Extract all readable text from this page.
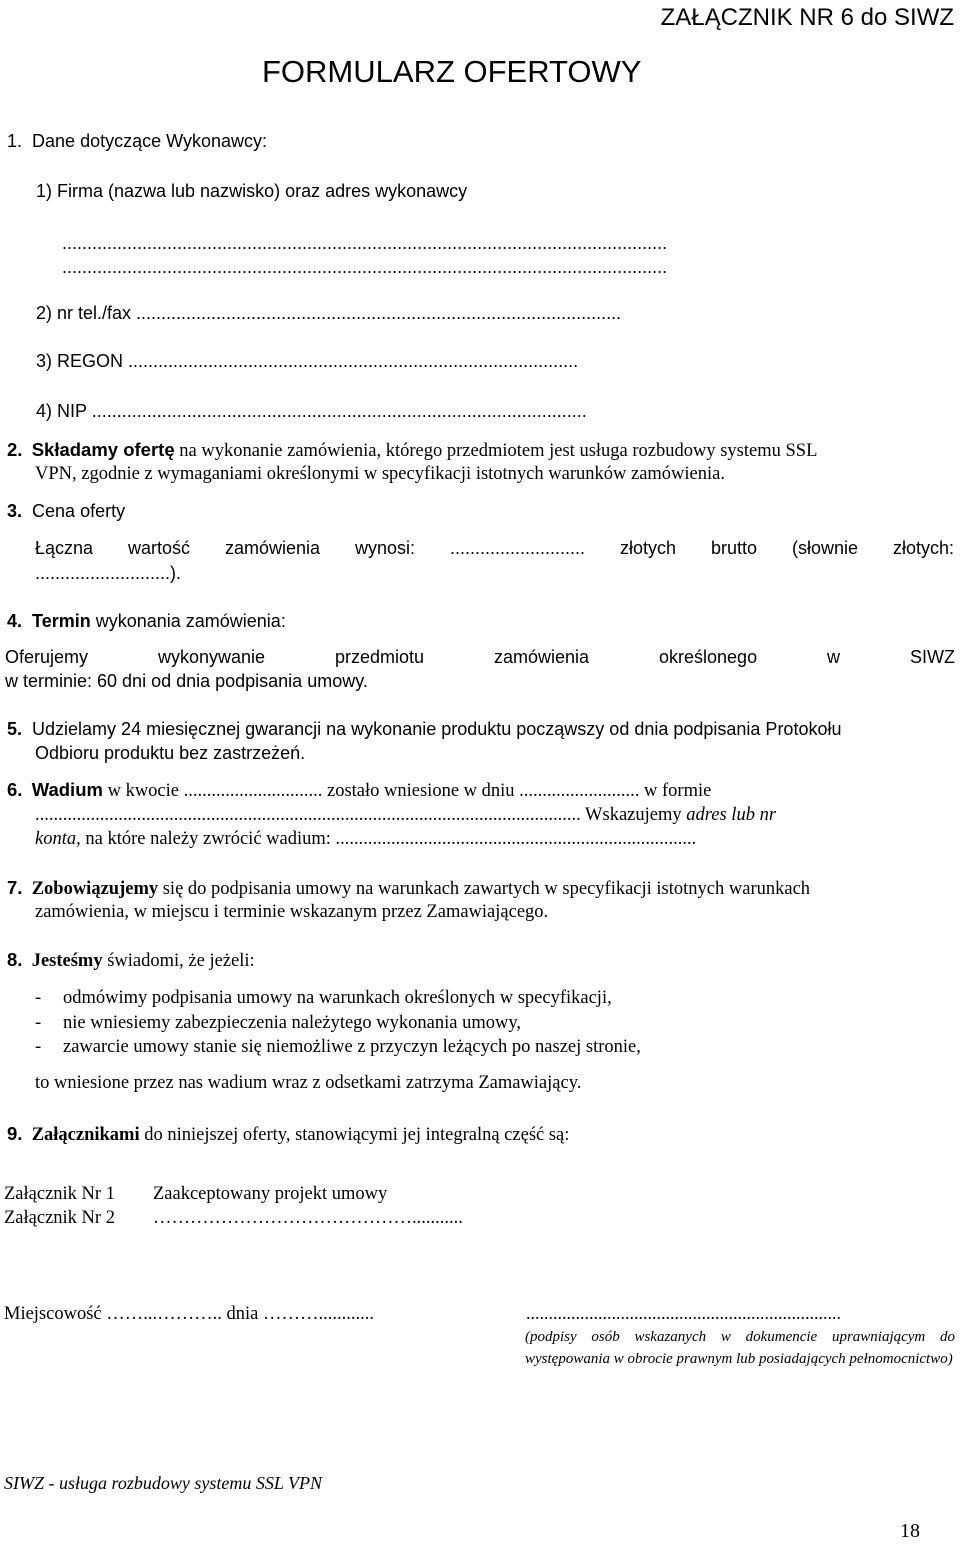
ZAŁĄCZNIK NR 6 do SIWZ
FORMULARZ OFERTOWY
1. Dane dotyczące Wykonawcy:
1) Firma (nazwa lub nazwisko) oraz adres wykonawcy
.........................................................................................................................
.........................................................................................................................
2) nr tel./fax .................................................................................................
3) REGON ..........................................................................................
4) NIP ...................................................................................................
2. Składamy ofertę na wykonanie zamówienia, którego przedmiotem jest usługa rozbudowy systemu SSL
VPN, zgodnie z wymaganiami określonymi w specyfikacji istotnych warunków zamówienia.
3. Cena oferty
Łączna wartość zamówienia wynosi: ........................... złotych brutto (słownie złotych:
...........................).
4. Termin wykonania zamówienia:
Oferujemy wykonywanie przedmiotu zamówienia określonego w SIWZ
w terminie: 60 dni od dnia podpisania umowy.
5. Udzielamy 24 miesięcznej gwarancji na wykonanie produktu począwszy od dnia podpisania Protokołu
Odbioru produktu bez zastrzeżeń.
6. Wadium w kwocie .............................. zostało wniesione w dniu .......................... w formie
...................................................................................................................... Wskazujemy adres lub nr
konta, na które należy zwrócić wadium: ..............................................................................
7. Zobowiązujemy się do podpisania umowy na warunkach zawartych w specyfikacji istotnych warunkach
zamówienia, w miejscu i terminie wskazanym przez Zamawiającego.
8. Jesteśmy świadomi, że jeżeli:
- odmówimy podpisania umowy na warunkach określonych w specyfikacji,
- nie wniesiemy zabezpieczenia należytego wykonania umowy,
- zawarcie umowy stanie się niemożliwe z przyczyn leżących po naszej stronie,
to wniesione przez nas wadium wraz z odsetkami zatrzyma Zamawiający.
9. Załącznikami do niniejszej oferty, stanowiącymi jej integralną część są:
Załącznik Nr 1 Zaakceptowany projekt umowy
Załącznik Nr 2 ……………………………………...........
Miejscowość ……...……….. dnia ………............	......................................................................
(podpisy osób wskazanych w dokumencie uprawniającym do występowania w obrocie prawnym lub posiadających pełnomocnictwo)
SIWZ - usługa rozbudowy systemu SSL VPN
18
